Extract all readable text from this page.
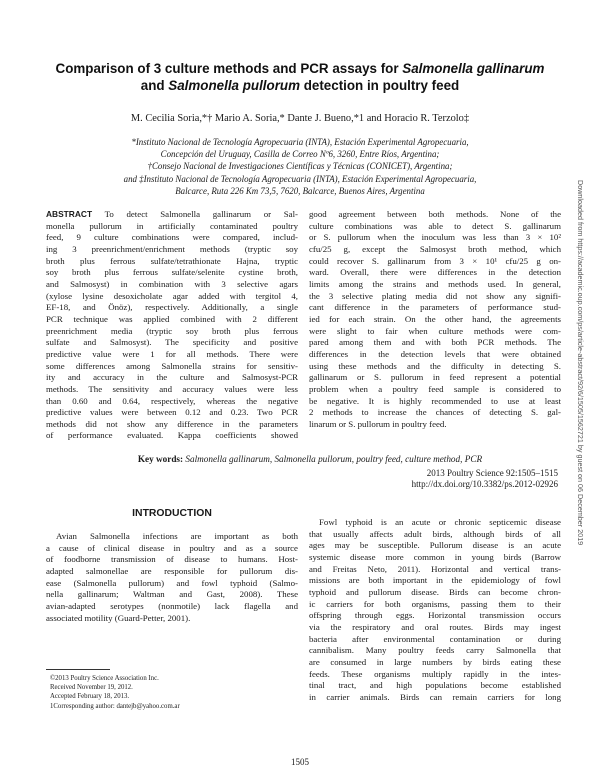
Comparison of 3 culture methods and PCR assays for Salmonella gallinarum
and Salmonella pullorum detection in poultry feed
M. Cecilia Soria,*† Mario A. Soria,* Dante J. Bueno,*1 and Horacio R. Terzolo‡
*Instituto Nacional de Tecnología Agropecuaria (INTA), Estación Experimental Agropecuaria,
Concepción del Uruguay, Casilla de Correo Nº6, 3260, Entre Ríos, Argentina;
†Consejo Nacional de Investigaciones Científicas y Técnicas (CONICET), Argentina;
and ‡Instituto Nacional de Tecnología Agropecuaria (INTA), Estación Experimental Agropecuaria,
Balcarce, Ruta 226 Km 73,5, 7620, Balcarce, Buenos Aires, Argentina
ABSTRACT To detect Salmonella gallinarum or Sal-
monella pullorum in artificially contaminated poultry
feed, 9 culture combinations were compared, includ-
ing 3 preenrichment/enrichment methods (tryptic soy
broth plus ferrous sulfate/tetrathionate Hajna, tryptic
soy broth plus ferrous sulfate/selenite cystine broth,
and Salmosyst) in combination with 3 selective agars
(xylose lysine desoxicholate agar added with tergitol 4,
EF-18, and Önöz), respectively. Additionally, a single
PCR technique was applied combined with 2 different
preenrichment media (tryptic soy broth plus ferrous
sulfate and Salmosyst). The specificity and positive
predictive value were 1 for all methods. There were
some differences among Salmonella strains for sensitiv-
ity and accuracy in the culture and Salmosyst-PCR
methods. The sensitivity and accuracy values were less
than 0.60 and 0.64, respectively, whereas the negative
predictive values were between 0.12 and 0.23. Two PCR
methods did not show any difference in the parameters
of performance evaluated. Kappa coefficients showed
good agreement between both methods. None of the
culture combinations was able to detect S. gallinarum
or S. pullorum when the inoculum was less than 3 × 10²
cfu/25 g, except the Salmosyst broth method, which
could recover S. gallinarum from 3 × 10¹ cfu/25 g on-
ward. Overall, there were differences in the detection
limits among the strains and methods used. In general,
the 3 selective plating media did not show any signifi-
cant difference in the parameters of performance stud-
ied for each strain. On the other hand, the agreements
were slight to fair when culture methods were com-
pared among them and with both PCR methods. The
differences in the detection levels that were obtained
using these methods and the difficulty in detecting S.
gallinarum or S. pullorum in feed represent a potential
problem when a poultry feed sample is considered to
be negative. It is highly recommended to use at least
2 methods to increase the chances of detecting S. gal-
linarum or S. pullorum in poultry feed.
Key words: Salmonella gallinarum, Salmonella pullorum, poultry feed, culture method, PCR
2013 Poultry Science 92:1505–1515
http://dx.doi.org/10.3382/ps.2012-02926
INTRODUCTION
Avian Salmonella infections are important as both
a cause of clinical disease in poultry and as a source
of foodborne transmission of disease to humans. Host-
adapted salmonellae are responsible for pullorum dis-
ease (Salmonella pullorum) and fowl typhoid (Salmo-
nella gallinarum; Waltman and Gast, 2008). These
avian-adapted serotypes (nonmotile) lack flagella and
associated motility (Guard-Petter, 2001).
Fowl typhoid is an acute or chronic septicemic disease
that usually affects adult birds, although birds of all
ages may be susceptible. Pullorum disease is an acute
systemic disease more common in young birds (Barrow
and Freitas Neto, 2011). Horizontal and vertical trans-
missions are both important in the epidemiology of fowl
typhoid and pullorum disease. Birds can become chron-
ic carriers for both organisms, passing them to their
offspring through eggs. Horizontal transmission occurs
via the respiratory and oral routes. Birds may ingest
bacteria after environmental contamination or during
cannibalism. Many poultry feeds carry Salmonella that
are consumed in large numbers by birds eating these
feeds. These organisms multiply rapidly in the intes-
tinal tract, and high populations become established
in carrier animals. Birds can remain carriers for long
©2013 Poultry Science Association Inc.
Received November 19, 2012.
Accepted February 18, 2013.
1Corresponding author: dantejb@yahoo.com.ar
1505
Downloaded from https://academic.oup.com/ps/article-abstract/92/6/1505/1562721 by guest on 06 December 2019
